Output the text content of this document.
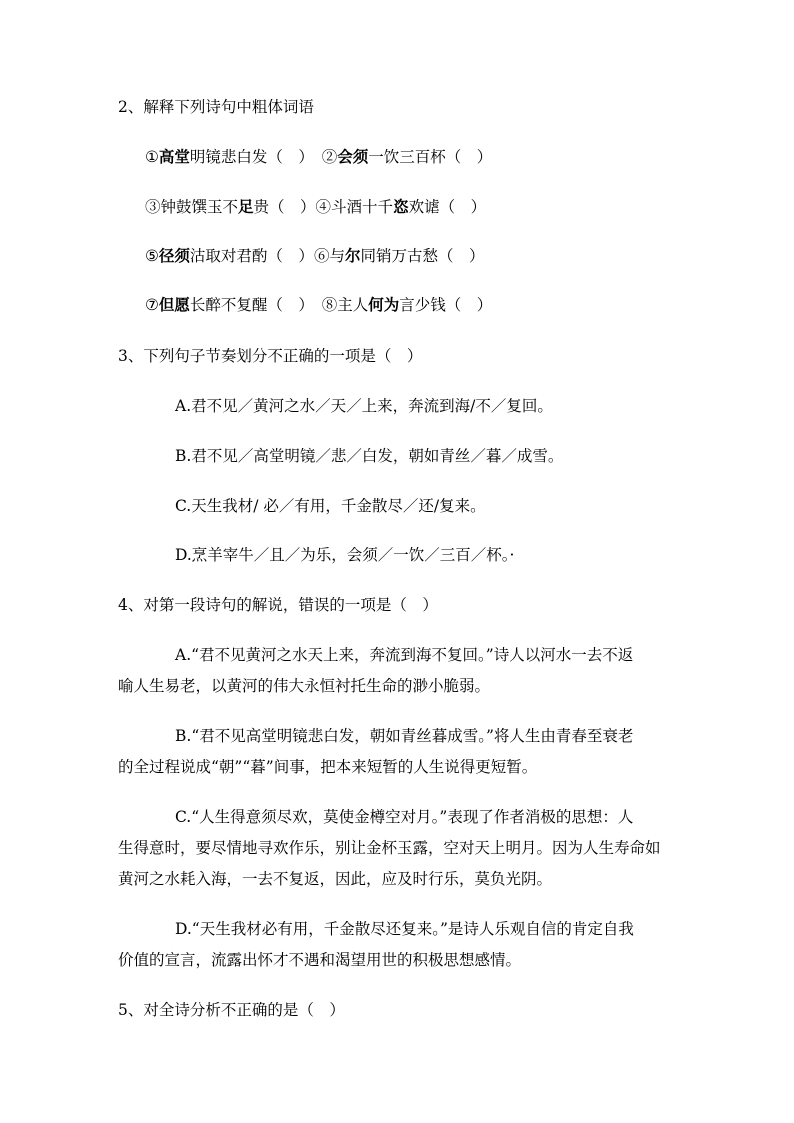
2、解释下列诗句中粗体词语
①高堂明镜悲白发（　）  ②会须一饮三百杯（　）
③钟鼓馔玉不足贵（　）④斗酒十千恣欢谑（　）
⑤径须沽取对君酌（　）⑥与尔同销万古愁（　）
⑦但愿长醉不复醒（　）  ⑧主人何为言少钱（　）
3、下列句子节奏划分不正确的一项是（　）
A.君不见／黄河之水／天／上来，奔流到海/不／复回。
B.君不见／高堂明镜／悲／白发，朝如青丝／暮／成雪。
C.天生我材/ 必／有用，千金散尽／还/复来。
D.烹羊宰牛／且／为乐，会须／一饮／三百／杯。·
4、对第一段诗句的解说，错误的一项是（　）
A.“君不见黄河之水天上来，奔流到海不复回。”诗人以河水一去不返
喻人生易老，以黄河的伟大永恒衬托生命的渺小脆弱。
B.“君不见高堂明镜悲白发，朝如青丝暮成雪。”将人生由青春至衰老
的全过程说成“朝”“暮”间事，把本来短暂的人生说得更短暂。
C.“人生得意须尽欢，莫使金樽空对月。”表现了作者消极的思想：人
生得意时，要尽情地寻欢作乐，别让金杯玉露，空对天上明月。因为人生寿命如
黄河之水耗入海，一去不复返，因此，应及时行乐，莫负光阴。
D.“天生我材必有用，千金散尽还复来。”是诗人乐观自信的肯定自我
价值的宣言，流露出怀才不遇和渴望用世的积极思想感情。
5、对全诗分析不正确的是（　）
